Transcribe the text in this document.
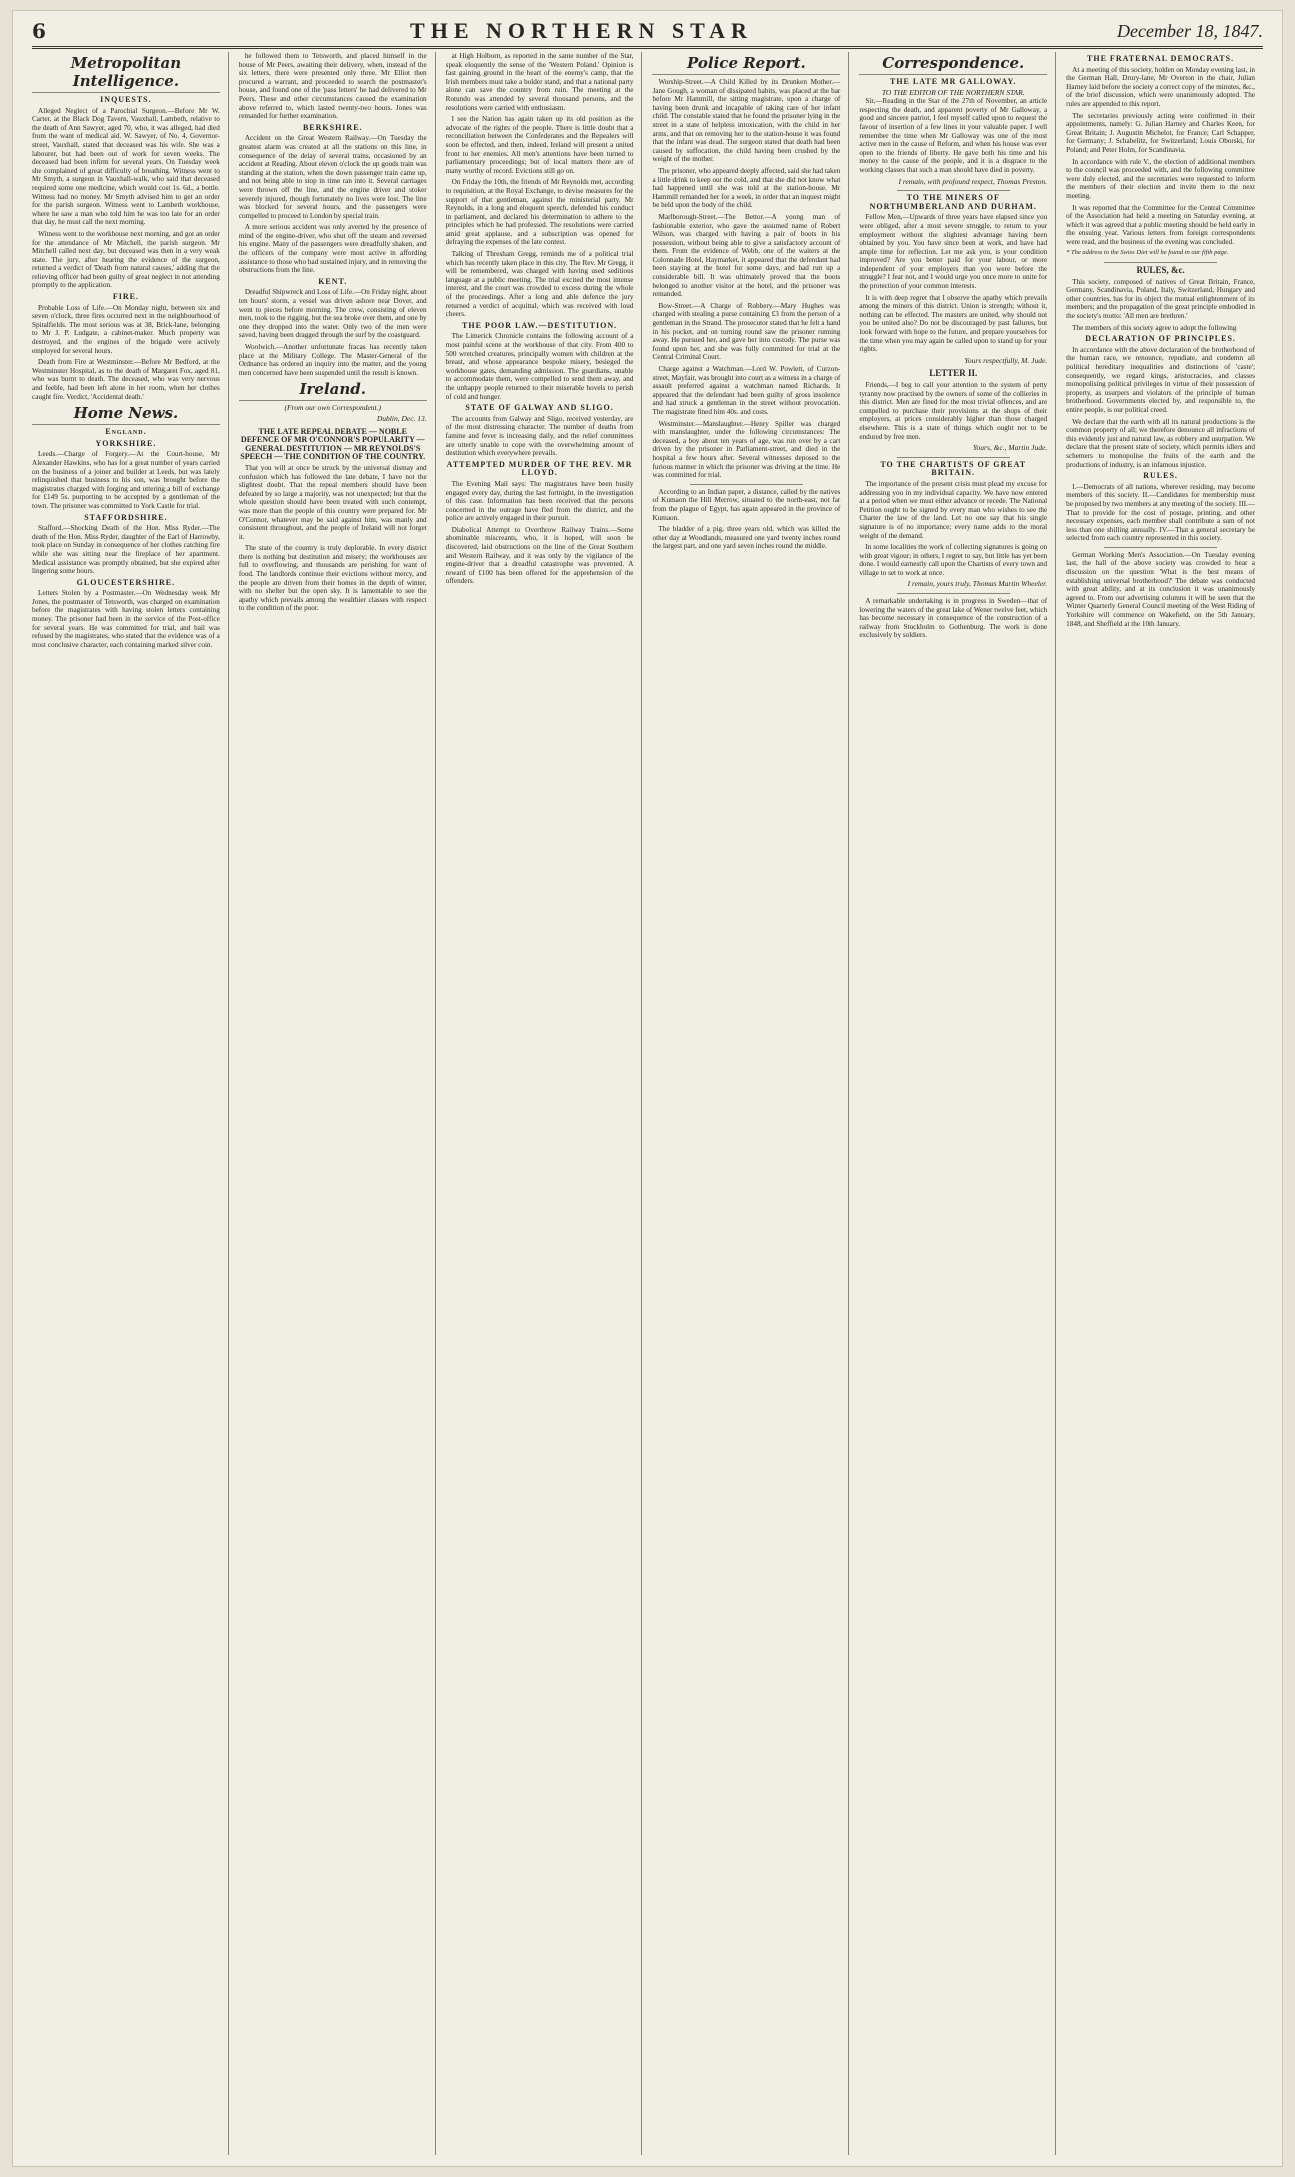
6	THE NORTHERN STAR	December 18, 1847.
Metropolitan Intelligence.
INQUESTS.

Alleged Neglect of a Parochial Surgeon.—Before Mr W. Carter, at the Black Dog Tavern, Vauxhall, Lambeth, relative to the death of Ann Sawyer, aged 70, who, it was alleged, had died from the want of medical aid. W. Sawyer, of No. 4, Governor-street, Vauxhall, stated that deceased was his wife. She was a labourer, but had been out of work for seven weeks. The deceased had been infirm for several years. On Tuesday week she complained of great difficulty of breathing. Witness went to Mr Smyth, a surgeon in Vauxhall-walk, who said that deceased required some one medicine, which would cost 1s. 6d., a bottle. Witness had no money. Mr Smyth advised him to get an order for the parish surgeon. Witness went to Lambeth workhouse, where he saw a man who told him he was too late for an order that day, he must call the next morning.

Witness went to the workhouse next morning, and got an order for the attendance of Mr Mitchell, the parish surgeon. Mr Mitchell called next day, but deceased was then in a very weak state. The jury, after hearing the evidence of the surgeon, returned a verdict of 'Death from natural causes,' adding that the relieving officer had been guilty of great neglect in not attending promptly to the application.

FIRE.

Probable Loss of Life.—On Monday night, between six and seven o'clock, three fires occurred next in the neighbourhood of Spitalfields. The most serious was at 38, Brick-lane, belonging to Mr J. P. Ludgate, a cabinet-maker. Much property was destroyed, and the engines of the brigade were actively employed for several hours.

Death from Fire at Westminster.—Before Mr Bedford, at the Westminster Hospital, as to the death of Margaret Fox, aged 81, who was burnt to death. The deceased, who was very nervous and feeble, had been left alone in her room, when her clothes caught fire. Verdict, 'Accidental death.'

Home News.
England.
YORKSHIRE.

Leeds.—Charge of Forgery.—At the Court-house, Mr Alexander Hawkins, who has for a great number of years carried on the business of a joiner and builder at Leeds, but was lately relinquished that business to his son, was brought before the magistrates charged with forging and uttering a bill of exchange for £149 5s. purporting to be accepted by a gentleman of the town. The prisoner was committed to York Castle for trial.

STAFFORDSHIRE.

Stafford.—Shocking Death of the Hon. Miss Ryder.—The death of the Hon. Miss Ryder, daughter of the Earl of Harrowby, took place on Sunday in consequence of her clothes catching fire while she was sitting near the fireplace of her apartment. Medical assistance was promptly obtained, but she expired after lingering some hours.

GLOUCESTERSHIRE.

Letters Stolen by a Postmaster.—On Wednesday week Mr Jones, the postmaster of Tetsworth, was charged on examination before the magistrates with having stolen letters containing money. The prisoner had been in the service of the Post-office for several years. He was committed for trial, and bail was refused by the magistrates, who stated that the evidence was of a most conclusive character, each containing marked silver coin.

he followed them to Tetsworth, and placed himself in the house of Mr Peers, awaiting their delivery, when, instead of the six letters, there were presented only three. Mr Elliot then procured a warrant, and proceeded to search the postmaster's house, and found one of the 'pass letters' he had delivered to Mr Peers. These and other circumstances caused the examination above referred to, which lasted twenty-two hours. Jones was remanded for further examination.

BERKSHIRE.

Accident on the Great Western Railway.—On Tuesday the greatest alarm was created at all the stations on this line, in consequence of the delay of several trains, occasioned by an accident at Reading. About eleven o'clock the up goods train was standing at the station, when the down passenger train came up, and not being able to stop in time ran into it. Several carriages were thrown off the line, and the engine driver and stoker severely injured, though fortunately no lives were lost. The line was blocked for several hours, and the passengers were compelled to proceed to London by special train.

A more serious accident was only averted by the presence of mind of the engine-driver, who shut off the steam and reversed his engine. Many of the passengers were dreadfully shaken, and the officers of the company were most active in affording assistance to those who had sustained injury, and in removing the obstructions from the line.

KENT.

Dreadful Shipwreck and Loss of Life.—On Friday night, about ten hours' storm, a vessel was driven ashore near Dover, and went to pieces before morning. The crew, consisting of eleven men, took to the rigging, but the sea broke over them, and one by one they dropped into the water. Only two of the men were saved, having been dragged through the surf by the coastguard.

Woolwich.—Another unfortunate fracas has recently taken place at the Military College. The Master-General of the Ordnance has ordered an inquiry into the matter, and the young men concerned have been suspended until the result is known.

Ireland.
(From our own Correspondent.)
Dublin, Dec. 13.
THE LATE REPEAL DEBATE — NOBLE DEFENCE OF MR O'CONNOR'S POPULARITY — GENERAL DESTITUTION — MR REYNOLDS'S SPEECH — THE CONDITION OF THE COUNTRY.

That you will at once be struck by the universal dismay and confusion which has followed the late debate, I have not the slightest doubt. That the repeal members should have been defeated by so large a majority, was not unexpected; but that the whole question should have been treated with such contempt, was more than the people of this country were prepared for. Mr O'Connor, whatever may be said against him, was manly and consistent throughout, and the people of Ireland will not forget it.

The state of the country is truly deplorable. In every district there is nothing but destitution and misery; the workhouses are full to overflowing, and thousands are perishing for want of food. The landlords continue their evictions without mercy, and the people are driven from their homes in the depth of winter, with no shelter but the open sky. It is lamentable to see the apathy which prevails among the wealthier classes with respect to the condition of the poor.

at High Holborn, as reported in the same number of the Star, speak eloquently the sense of the 'Western Poland.' Opinion is fast gaining ground in the heart of the enemy's camp, that the Irish members must take a bolder stand, and that a national party alone can save the country from ruin. The meeting at the Rotundo was attended by several thousand persons, and the resolutions were carried with enthusiasm.

I see the Nation has again taken up its old position as the advocate of the rights of the people. There is little doubt that a reconciliation between the Confederates and the Repealers will soon be effected, and then, indeed, Ireland will present a united front to her enemies. All men's attentions have been turned to parliamentary proceedings; but of local matters there are of many worthy of record. Evictions still go on.

On Friday the 10th, the friends of Mr Reynolds met, according to requisition, at the Royal Exchange, to devise measures for the support of that gentleman, against the ministerial party. Mr Reynolds, in a long and eloquent speech, defended his conduct in parliament, and declared his determination to adhere to the principles which he had professed. The resolutions were carried amid great applause, and a subscription was opened for defraying the expenses of the late contest.

Talking of Thresham Gregg, reminds me of a political trial which has recently taken place in this city. The Rev. Mr Gregg, it will be remembered, was charged with having used seditious language at a public meeting. The trial excited the most intense interest, and the court was crowded to excess during the whole of the proceedings. After a long and able defence the jury returned a verdict of acquittal, which was received with loud cheers.

THE POOR LAW.—DESTITUTION.

The Limerick Chronicle contains the following account of a most painful scene at the workhouse of that city. From 400 to 500 wretched creatures, principally women with children at the breast, and whose appearance bespoke misery, besieged the workhouse gates, demanding admission. The guardians, unable to accommodate them, were compelled to send them away, and the unhappy people returned to their miserable hovels to perish of cold and hunger.

STATE OF GALWAY AND SLIGO.

The accounts from Galway and Sligo, received yesterday, are of the most distressing character. The number of deaths from famine and fever is increasing daily, and the relief committees are utterly unable to cope with the overwhelming amount of destitution which everywhere prevails.

ATTEMPTED MURDER OF THE REV. MR LLOYD.

The Evening Mail says: The magistrates have been busily engaged every day, during the last fortnight, in the investigation of this case. Information has been received that the persons concerned in the outrage have fled from the district, and the police are actively engaged in their pursuit.

Diabolical Attempt to Overthrow Railway Trains.—Some abominable miscreants, who, it is hoped, will soon be discovered, laid obstructions on the line of the Great Southern and Western Railway, and it was only by the vigilance of the engine-driver that a dreadful catastrophe was prevented. A reward of £100 has been offered for the apprehension of the offenders.

Police Report.

Worship-Street.—A Child Killed by its Drunken Mother.—Jane Gough, a woman of dissipated habits, was placed at the bar before Mr Hammill, the sitting magistrate, upon a charge of having been drunk and incapable of taking care of her infant child. The constable stated that he found the prisoner lying in the street in a state of helpless intoxication, with the child in her arms, and that on removing her to the station-house it was found that the infant was dead. The surgeon stated that death had been caused by suffocation, the child having been crushed by the weight of the mother.

The prisoner, who appeared deeply affected, said she had taken a little drink to keep out the cold, and that she did not know what had happened until she was told at the station-house. Mr Hammill remanded her for a week, in order that an inquest might be held upon the body of the child.

Marlborough-Street.—The Bettor.—A young man of fashionable exterior, who gave the assumed name of Robert Wilson, was charged with having a pair of boots in his possession, without being able to give a satisfactory account of them. From the evidence of Webb, one of the waiters at the Colonnade Hotel, Haymarket, it appeared that the defendant had been staying at the hotel for some days, and had run up a considerable bill. It was ultimately proved that the boots belonged to another visitor at the hotel, and the prisoner was remanded.

Bow-Street.—A Charge of Robbery.—Mary Hughes was charged with stealing a purse containing £3 from the person of a gentleman in the Strand. The prosecutor stated that he felt a hand in his pocket, and on turning round saw the prisoner running away. He pursued her, and gave her into custody. The purse was found upon her, and she was fully committed for trial at the Central Criminal Court.

Charge against a Watchman.—Lord W. Powlett, of Curzon-street, Mayfair, was brought into court as a witness in a charge of assault preferred against a watchman named Richards. It appeared that the defendant had been guilty of gross insolence and had struck a gentleman in the street without provocation. The magistrate fined him 40s. and costs.

Westminster.—Manslaughter.—Henry Spiller was charged with manslaughter, under the following circumstances: The deceased, a boy about ten years of age, was run over by a cart driven by the prisoner in Parliament-street, and died in the hospital a few hours after. Several witnesses deposed to the furious manner in which the prisoner was driving at the time. He was committed for trial.

According to an Indian paper, a distance, called by the natives of Kumaon the Hill Merrow, situated to the north-east, not far from the plague of Egypt, has again appeared in the province of Kumaon.

The bladder of a pig, three years old, which was killed the other day at Woodlands, measured one yard twenty inches round the largest part, and one yard seven inches round the middle.

Correspondence.
THE LATE MR GALLOWAY.
TO THE EDITOR OF THE NORTHERN STAR.

Sir,—Reading in the Star of the 27th of November, an article respecting the death, and apparent poverty of Mr Galloway, a good and sincere patriot, I feel myself called upon to request the favour of insertion of a few lines in your valuable paper. I well remember the time when Mr Galloway was one of the most active men in the cause of Reform, and when his house was ever open to the friends of liberty. He gave both his time and his money to the cause of the people, and it is a disgrace to the working classes that such a man should have died in poverty.

I remain, with profound respect, Thomas Preston.
TO THE MINERS OF NORTHUMBERLAND AND DURHAM.

Fellow Men,—Upwards of three years have elapsed since you were obliged, after a most severe struggle, to return to your employment without the slightest advantage having been obtained by you. You have since been at work, and have had ample time for reflection. Let me ask you, is your condition improved? Are you better paid for your labour, or more independent of your employers than you were before the struggle? I fear not, and I would urge you once more to unite for the protection of your common interests.

It is with deep regret that I observe the apathy which prevails among the miners of this district. Union is strength; without it, nothing can be effected. The masters are united, why should not you be united also? Do not be discouraged by past failures, but look forward with hope to the future, and prepare yourselves for the time when you may again be called upon to stand up for your rights.

Yours respectfully, M. Jude.
LETTER II.

Friends,—I beg to call your attention to the system of petty tyranny now practised by the owners of some of the collieries in this district. Men are fined for the most trivial offences, and are compelled to purchase their provisions at the shops of their employers, at prices considerably higher than those charged elsewhere. This is a state of things which ought not to be endured by free men.

Yours, &c., Martin Jude.
TO THE CHARTISTS OF GREAT BRITAIN.

The importance of the present crisis must plead my excuse for addressing you in my individual capacity. We have now entered at a period when we must either advance or recede. The National Petition ought to be signed by every man who wishes to see the Charter the law of the land. Let no one say that his single signature is of no importance; every name adds to the moral weight of the demand.

In some localities the work of collecting signatures is going on with great vigour; in others, I regret to say, but little has yet been done. I would earnestly call upon the Chartists of every town and village to set to work at once.

I remain, yours truly, Thomas Martin Wheeler.

A remarkable undertaking is in progress in Sweden—that of lowering the waters of the great lake of Wener twelve feet, which has become necessary in consequence of the construction of a railway from Stockholm to Gothenburg. The work is done exclusively by soldiers.

THE FRATERNAL DEMOCRATS.

At a meeting of this society, holden on Monday evening last, in the German Hall, Drury-lane, Mr Overton in the chair, Julian Harney laid before the society a correct copy of the minutes, &c., of the brief discussion, which were unanimously adopted. The rules are appended to this report.

The secretaries previously acting were confirmed in their appointments, namely: G. Julian Harney and Charles Keen, for Great Britain; J. Augustin Michelot, for France; Carl Schapper, for Germany; J. Schabelitz, for Switzerland; Louis Oborski, for Poland; and Peter Holm, for Scandinavia.

In accordance with rule V., the election of additional members to the council was proceeded with, and the following committee were duly elected, and the secretaries were requested to inform the members of their election and invite them to the next meeting.

It was reported that the Committee for the Central Committee of the Association had held a meeting on Saturday evening, at which it was agreed that a public meeting should be held early in the ensuing year. Various letters from foreign correspondents were read, and the business of the evening was concluded.

* The address to the Swiss Diet will be found in our fifth page.
RULES, &c.

This society, composed of natives of Great Britain, France, Germany, Scandinavia, Poland, Italy, Switzerland, Hungary and other countries, has for its object the mutual enlightenment of its members; and the propagation of the great principle embodied in the society's motto: 'All men are brethren.'

The members of this society agree to adopt the following

DECLARATION OF PRINCIPLES.

In accordance with the above declaration of the brotherhood of the human race, we renounce, repudiate, and condemn all political hereditary inequalities and distinctions of 'caste'; consequently, we regard kings, aristocracies, and classes monopolising political privileges in virtue of their possession of property, as usurpers and violators of the principle of human brotherhood. Governments elected by, and responsible to, the entire people, is our political creed.

We declare that the earth with all its natural productions is the common property of all; we therefore denounce all infractions of this evidently just and natural law, as robbery and usurpation. We declare that the present state of society, which permits idlers and schemers to monopolise the fruits of the earth and the productions of industry, is an infamous injustice.

RULES.

I.—Democrats of all nations, wherever residing, may become members of this society. II.—Candidates for membership must be proposed by two members at any meeting of the society. III.—That to provide for the cost of postage, printing, and other necessary expenses, each member shall contribute a sum of not less than one shilling annually. IV.—That a general secretary be selected from each country represented in this society.

German Working Men's Association.—On Tuesday evening last, the hall of the above society was crowded to hear a discussion on the question 'What is the best means of establishing universal brotherhood?' The debate was conducted with great ability, and at its conclusion it was unanimously agreed to. From our advertising columns it will be seen that the Winter Quarterly General Council meeting of the West Riding of Yorkshire will commence on Wakefield, on the 5th January, 1848, and Sheffield at the 10th January.
